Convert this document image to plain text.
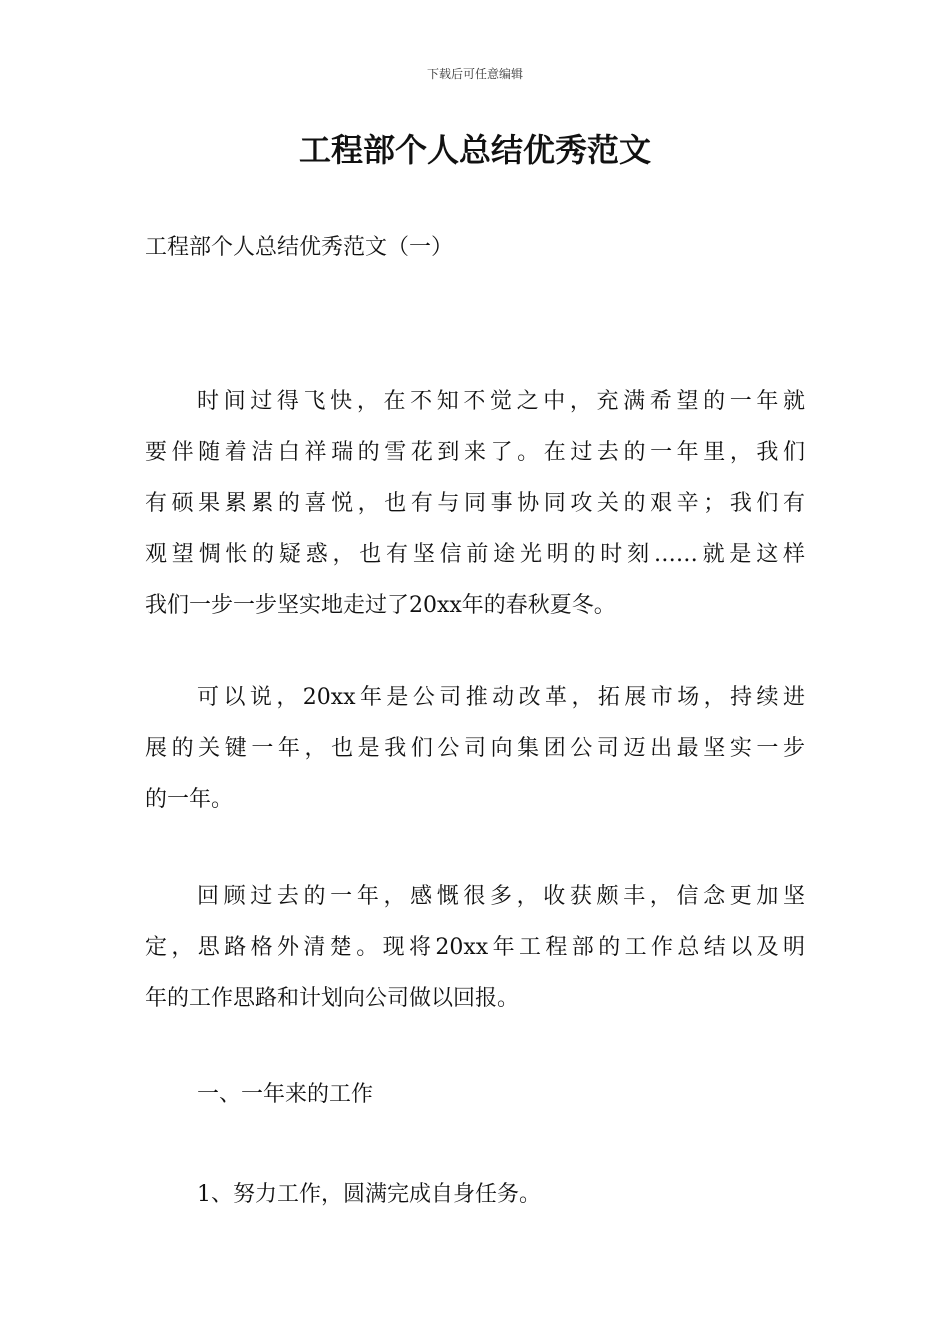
下载后可任意编辑
工程部个人总结优秀范文

工程部个人总结优秀范文（一）

时间过得飞快，在不知不觉之中，充满希望的一年就
要伴随着洁白祥瑞的雪花到来了。在过去的一年里，我们
有硕果累累的喜悦，也有与同事协同攻关的艰辛；我们有
观望惆怅的疑惑，也有坚信前途光明的时刻……就是这样
我们一步一步坚实地走过了20xx年的春秋夏冬。
可以说，20xx年是公司推动改革，拓展市场，持续进
展的关键一年，也是我们公司向集团公司迈出最坚实一步
的一年。
回顾过去的一年，感慨很多，收获颇丰，信念更加坚
定，思路格外清楚。现将20xx年工程部的工作总结以及明
年的工作思路和计划向公司做以回报。

一、一年来的工作

1、努力工作，圆满完成自身任务。
